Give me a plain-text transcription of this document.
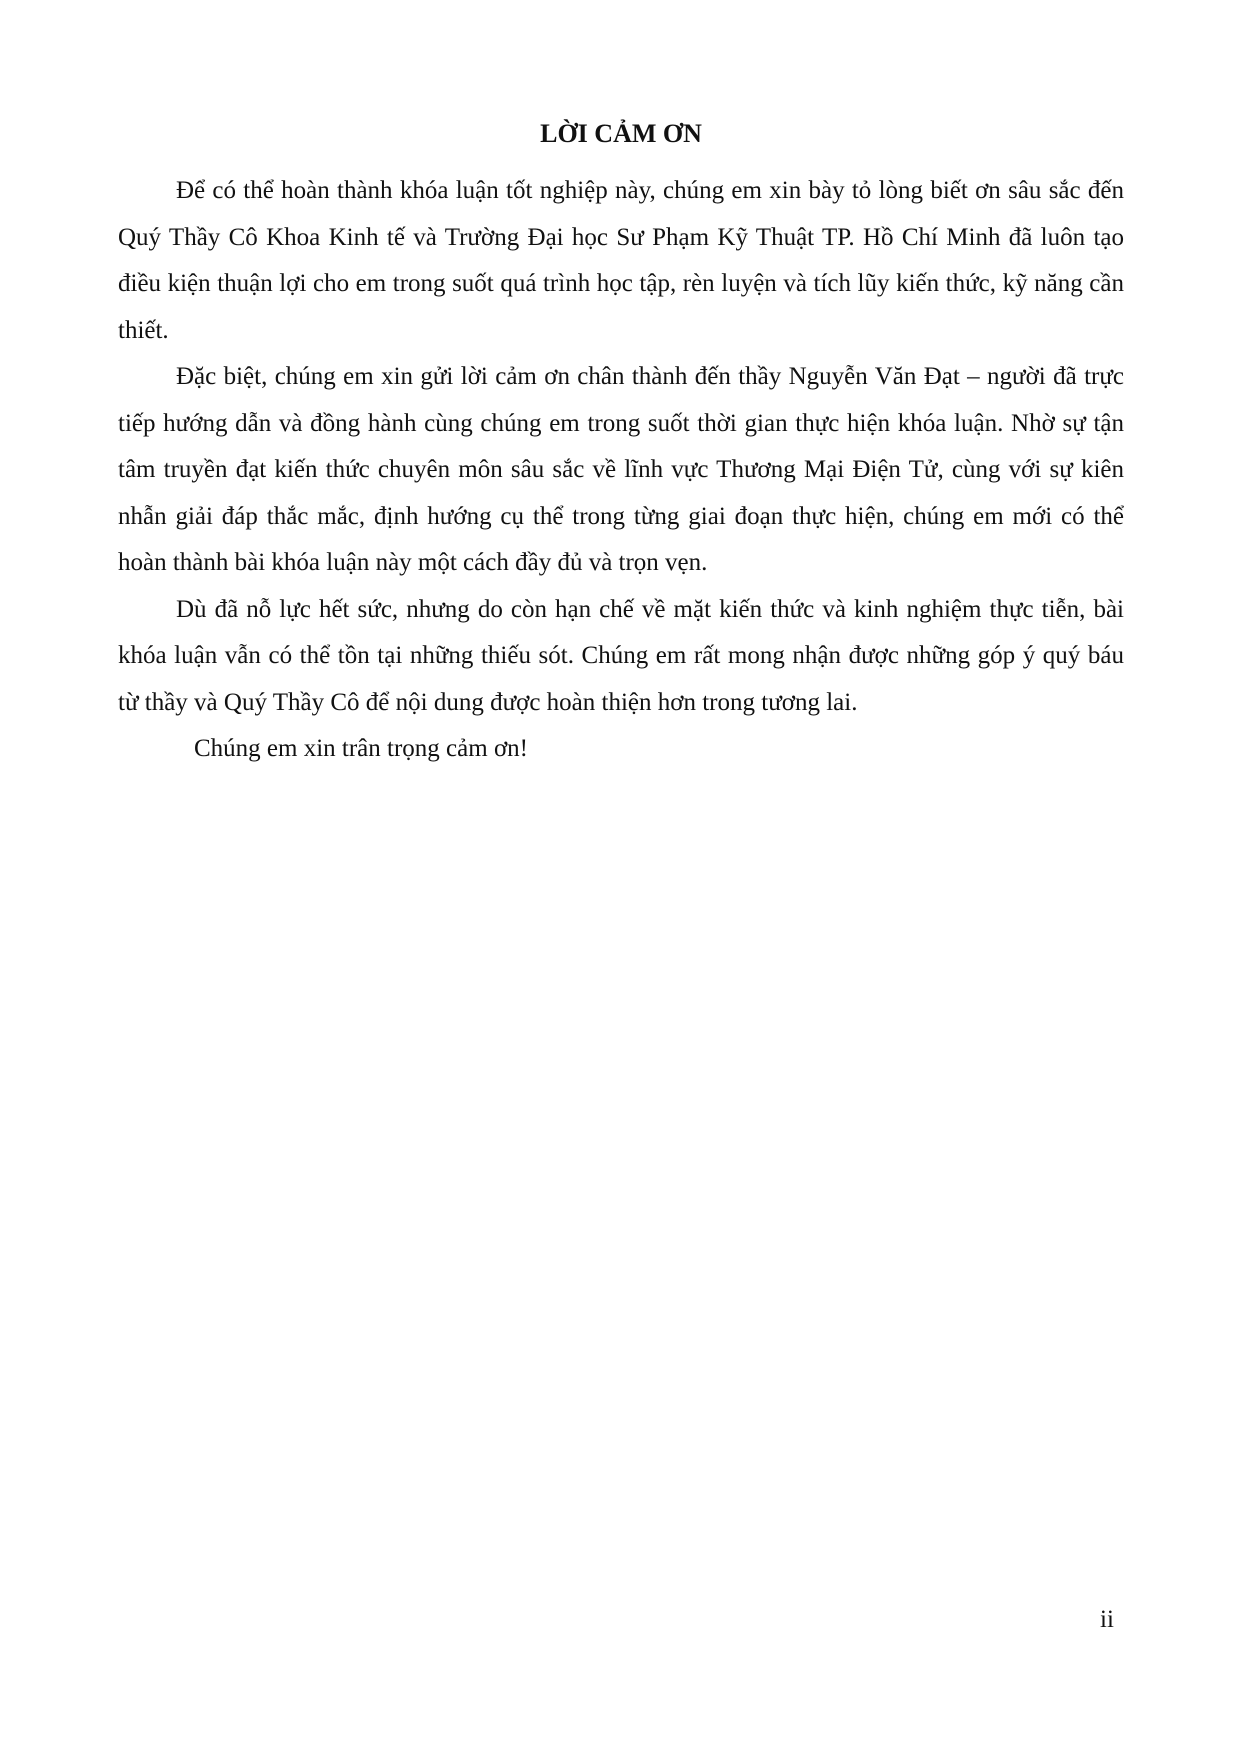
LỜI CẢM ƠN

Để có thể hoàn thành khóa luận tốt nghiệp này, chúng em xin bày tỏ lòng biết ơn sâu sắc đến Quý Thầy Cô Khoa Kinh tế và Trường Đại học Sư Phạm Kỹ Thuật TP. Hồ Chí Minh đã luôn tạo điều kiện thuận lợi cho em trong suốt quá trình học tập, rèn luyện và tích lũy kiến thức, kỹ năng cần thiết.

Đặc biệt, chúng em xin gửi lời cảm ơn chân thành đến thầy Nguyễn Văn Đạt – người đã trực tiếp hướng dẫn và đồng hành cùng chúng em trong suốt thời gian thực hiện khóa luận. Nhờ sự tận tâm truyền đạt kiến thức chuyên môn sâu sắc về lĩnh vực Thương Mại Điện Tử, cùng với sự kiên nhẫn giải đáp thắc mắc, định hướng cụ thể trong từng giai đoạn thực hiện, chúng em mới có thể hoàn thành bài khóa luận này một cách đầy đủ và trọn vẹn.

Dù đã nỗ lực hết sức, nhưng do còn hạn chế về mặt kiến thức và kinh nghiệm thực tiễn, bài khóa luận vẫn có thể tồn tại những thiếu sót. Chúng em rất mong nhận được những góp ý quý báu từ thầy và Quý Thầy Cô để nội dung được hoàn thiện hơn trong tương lai.

Chúng em xin trân trọng cảm ơn!

ii
